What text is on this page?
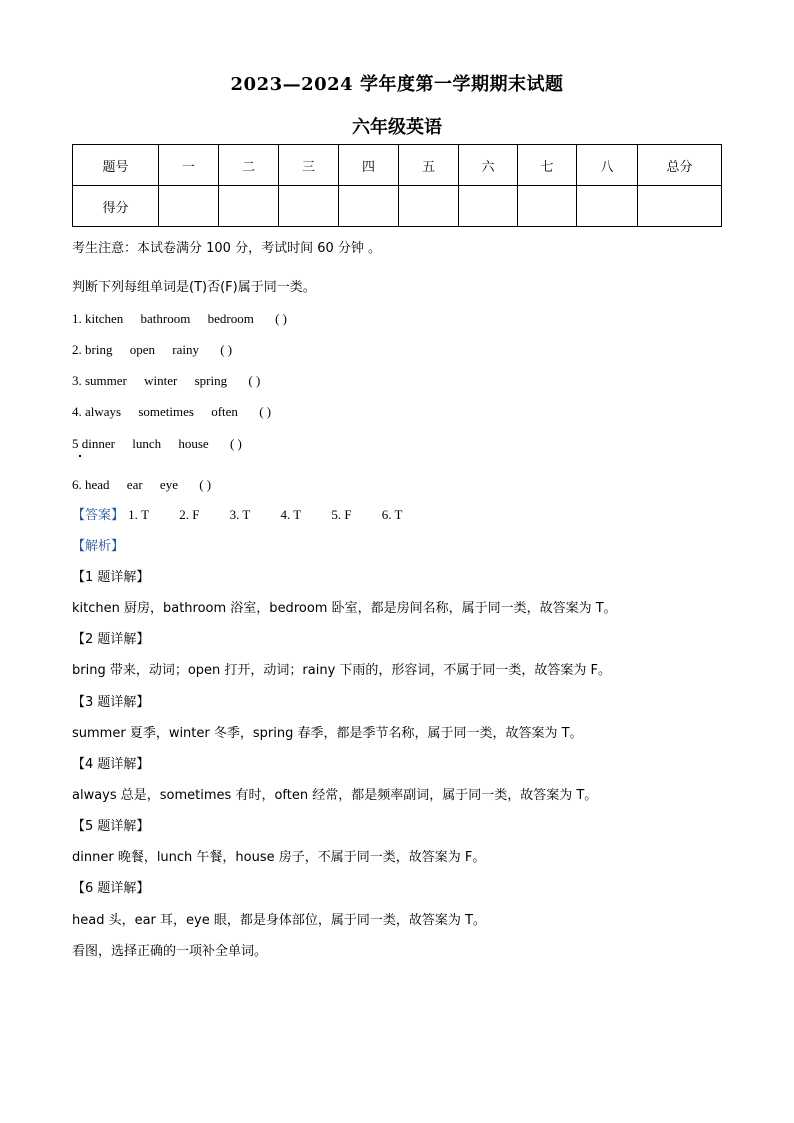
2023—2024 学年度第一学期期末试题
六年级英语
题号	一	二	三	四	五	六	七	八	总分
得分									
考生注意：本试卷满分 100 分，考试时间 60 分钟 。
判断下列每组单词是(T)否(F)属于同一类。
1. kitchen bathroom bedroom ( )
2. bring open rainy ( )
3. summer winter spring ( )
4. always sometimes often ( )
5 dinner lunch house ( )
6. head ear eye ( )
【答案】 1. T 2. F 3. T 4. T 5. F 6. T
【解析】
【1 题详解】
kitchen 厨房，bathroom 浴室，bedroom 卧室，都是房间名称，属于同一类，故答案为 T。
【2 题详解】
bring 带来，动词；open 打开，动词；rainy 下雨的，形容词，不属于同一类，故答案为 F。
【3 题详解】
summer 夏季，winter 冬季，spring 春季，都是季节名称，属于同一类，故答案为 T。
【4 题详解】
always 总是，sometimes 有时，often 经常，都是频率副词，属于同一类，故答案为 T。
【5 题详解】
dinner 晚餐，lunch 午餐，house 房子，不属于同一类，故答案为 F。
【6 题详解】
head 头，ear 耳，eye 眼，都是身体部位，属于同一类，故答案为 T。
看图，选择正确的一项补全单词。
